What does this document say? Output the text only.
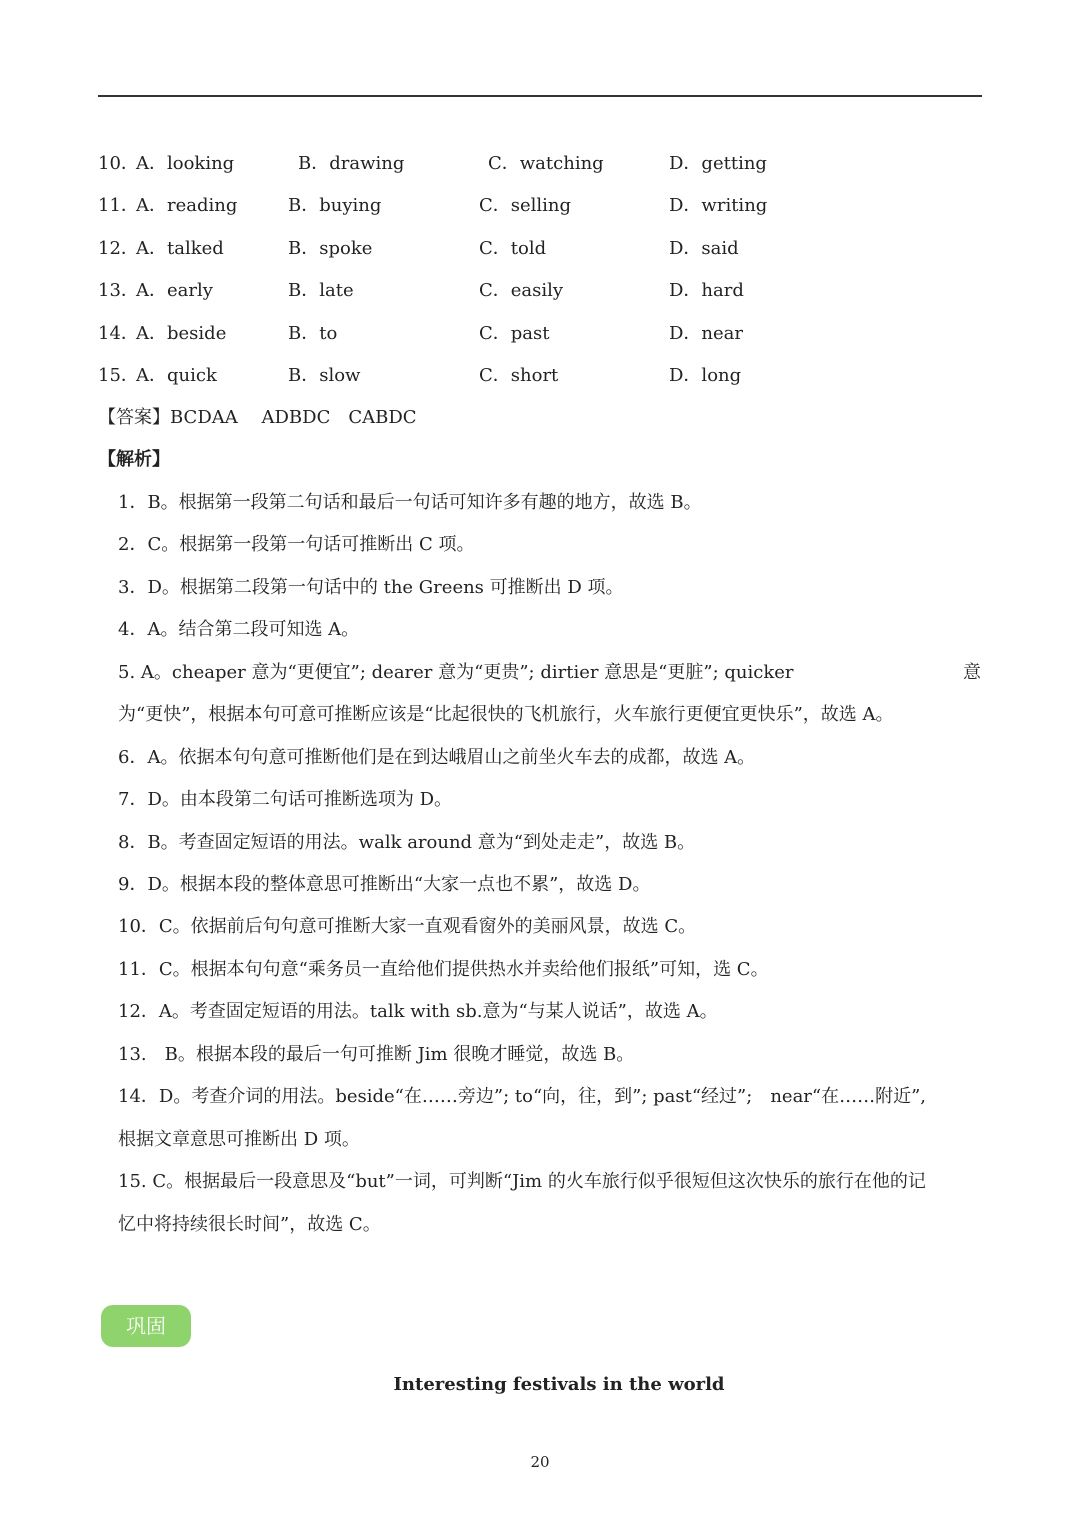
10．
A．looking	B．drawing	C．watching	D．getting
11．
A．reading	B．buying	C．selling	D．writing
12．
A．talked	B．spoke	C．told	D．said
13．
A．early	B．late	C．easily	D．hard
14．
A．beside	B．to	C．past	D．near
15．
A．quick	B．slow	C．short	D．long
【答案】BCDAA　 ADBDC　CABDC
【解析】
1．B。根据第一段第二句话和最后一句话可知许多有趣的地方，故选 B。
2．C。根据第一段第一句话可推断出 C 项。
3．D。根据第二段第一句话中的 the Greens 可推断出 D 项。
4．A。结合第二段可知选 A。
5. A。cheaper 意为“更便宜”; dearer 意为“更贵”; dirtier 意思是“更脏”; quicker	意
为“更快”，根据本句可意可推断应该是“比起很快的飞机旅行，火车旅行更便宜更快乐”，故选 A。
6．A。依据本句句意可推断他们是在到达峨眉山之前坐火车去的成都，故选 A。
7．D。由本段第二句话可推断选项为 D。
8．B。考查固定短语的用法。walk around 意为“到处走走”，故选 B。
9．D。根据本段的整体意思可推断出“大家一点也不累”，故选 D。
10．C。依据前后句句意可推断大家一直观看窗外的美丽风景，故选 C。
11．C。根据本句句意“乘务员一直给他们提供热水并卖给他们报纸”可知，选 C。
12．A。考查固定短语的用法。talk with sb.意为“与某人说话”，故选 A。
13.　B。根据本段的最后一句可推断 Jim 很晚才睡觉，故选 B。
14．D。考查介词的用法。beside“在……旁边”; to“向，往，到”; past“经过”;　near“在……附近”,
根据文章意思可推断出 D 项。
15. C。根据最后一段意思及“but”一词，可判断“Jim 的火车旅行似乎很短但这次快乐的旅行在他的记
忆中将持续很长时间”，故选 C。
巩固
Interesting festivals in the world
20
